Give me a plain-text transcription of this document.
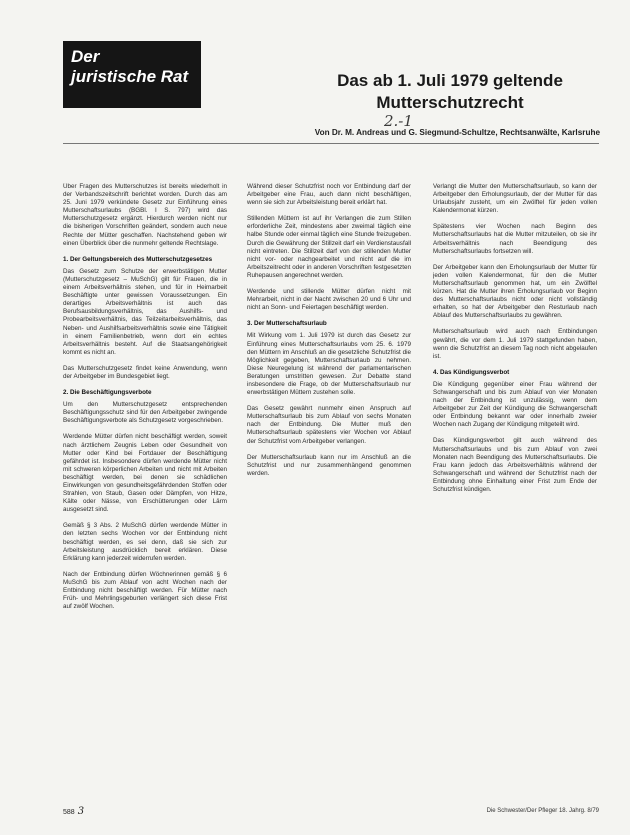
Der
juristische Rat	Das ab 1. Juli 1979 geltende
Mutterschutzrecht
2.-1
Von Dr. M. Andreas und G. Siegmund-Schultze, Rechtsanwälte, Karlsruhe

Über Fragen des Mutterschutzes ist bereits wiederholt in der Verbandszeitschrift berichtet worden. Durch das am 25. Juni 1979 verkündete Gesetz zur Einführung eines Mutterschaftsurlaubs (BGBl. I S. 797) wird das Mutterschutzgesetz ergänzt. Hierdurch werden nicht nur die bisherigen Vorschriften geändert, sondern auch neue Rechte der Mütter geschaffen. Nachstehend geben wir einen Überblick über die nunmehr geltende Rechtslage.

1. Der Geltungsbereich des Mutterschutzgesetzes

Das Gesetz zum Schutze der erwerbstätigen Mutter (Mutterschutzgesetz – MuSchG) gilt für Frauen, die in einem Arbeitsverhältnis stehen, und für in Heimarbeit Beschäftigte unter gewissen Voraussetzungen. Ein derartiges Arbeitsverhältnis ist auch das Berufsausbildungsverhältnis, das Aushilfs- und Probearbeitsverhältnis, das Teilzeitarbeitsverhältnis, das Neben- und Aushilfsarbeitsverhältnis sowie eine Tätigkeit in einem Familienbetrieb, wenn dort ein echtes Arbeitsverhältnis besteht. Auf die Staatsangehörigkeit kommt es nicht an.

Das Mutterschutzgesetz findet keine Anwendung, wenn der Arbeitgeber im Bundesgebiet liegt.

2. Die Beschäftigungsverbote

Um den Mutterschutzgesetz entsprechenden Beschäftigungsschutz sind für den Arbeitgeber zwingende Beschäftigungsverbote als Schutzgesetz vorgeschrieben.

Werdende Mütter dürfen nicht beschäftigt werden, soweit nach ärztlichem Zeugnis Leben oder Gesundheit von Mutter oder Kind bei Fortdauer der Beschäftigung gefährdet ist. Insbesondere dürfen werdende Mütter nicht mit schweren körperlichen Arbeiten und nicht mit Arbeiten beschäftigt werden, bei denen sie schädlichen Einwirkungen von gesundheitsgefährdenden Stoffen oder Strahlen, von Staub, Gasen oder Dämpfen, von Hitze, Kälte oder Nässe, von Erschütterungen oder Lärm ausgesetzt sind.

Gemäß § 3 Abs. 2 MuSchG dürfen werdende Mütter in den letzten sechs Wochen vor der Entbindung nicht beschäftigt werden, es sei denn, daß sie sich zur Arbeitsleistung ausdrücklich bereit erklären. Diese Erklärung kann jederzeit widerrufen werden.

Nach der Entbindung dürfen Wöchnerinnen gemäß § 6 MuSchG bis zum Ablauf von acht Wochen nach der Entbindung nicht beschäftigt werden. Für Mütter nach Früh- und Mehrlingsgeburten verlängert sich diese Frist auf zwölf Wochen.

Während dieser Schutzfrist noch vor Entbindung darf der Arbeitgeber eine Frau, auch dann nicht beschäftigen, wenn sie sich zur Arbeitsleistung bereit erklärt hat.

Stillenden Müttern ist auf ihr Verlangen die zum Stillen erforderliche Zeit, mindestens aber zweimal täglich eine halbe Stunde oder einmal täglich eine Stunde freizugeben. Durch die Gewährung der Stillzeit darf ein Verdienstausfall nicht eintreten. Die Stillzeit darf von der stillenden Mutter nicht vor- oder nachgearbeitet und nicht auf die im Arbeitszeitrecht oder in anderen Vorschriften festgesetzten Ruhepausen angerechnet werden.

Werdende und stillende Mütter dürfen nicht mit Mehrarbeit, nicht in der Nacht zwischen 20 und 6 Uhr und nicht an Sonn- und Feiertagen beschäftigt werden.

3. Der Mutterschaftsurlaub

Mit Wirkung vom 1. Juli 1979 ist durch das Gesetz zur Einführung eines Mutterschaftsurlaubs vom 25. 6. 1979 den Müttern im Anschluß an die gesetzliche Schutzfrist die Möglichkeit gegeben, Mutterschaftsurlaub zu nehmen. Diese Neuregelung ist während der parlamentarischen Beratungen umstritten gewesen. Zur Debatte stand insbesondere die Frage, ob der Mutterschaftsurlaub nur erwerbstätigen Müttern zustehen solle.

Das Gesetz gewährt nunmehr einen Anspruch auf Mutterschaftsurlaub bis zum Ablauf von sechs Monaten nach der Entbindung. Die Mutter muß den Mutterschaftsurlaub spätestens vier Wochen vor Ablauf der Schutzfrist vom Arbeitgeber verlangen.

Der Mutterschaftsurlaub kann nur im Anschluß an die Schutzfrist und nur zusammenhängend genommen werden.

Verlangt die Mutter den Mutterschaftsurlaub, so kann der Arbeitgeber den Erholungsurlaub, der der Mutter für das Urlaubsjahr zusteht, um ein Zwölftel für jeden vollen Kalendermonat kürzen.

Spätestens vier Wochen nach Beginn des Mutterschaftsurlaubs hat die Mutter mitzuteilen, ob sie ihr Arbeitsverhältnis nach Beendigung des Mutterschaftsurlaubs fortsetzen will.

Der Arbeitgeber kann den Erholungsurlaub der Mutter für jeden vollen Kalendermonat, für den die Mutter Mutterschaftsurlaub genommen hat, um ein Zwölftel kürzen. Hat die Mutter ihren Erholungsurlaub vor Beginn des Mutterschaftsurlaubs nicht oder nicht vollständig erhalten, so hat der Arbeitgeber den Resturlaub nach Ablauf des Mutterschaftsurlaubs zu gewähren.

Mutterschaftsurlaub wird auch nach Entbindungen gewährt, die vor dem 1. Juli 1979 stattgefunden haben, wenn die Schutzfrist an diesem Tag noch nicht abgelaufen ist.

4. Das Kündigungsverbot

Die Kündigung gegenüber einer Frau während der Schwangerschaft und bis zum Ablauf von vier Monaten nach der Entbindung ist unzulässig, wenn dem Arbeitgeber zur Zeit der Kündigung die Schwangerschaft oder Entbindung bekannt war oder innerhalb zweier Wochen nach Zugang der Kündigung mitgeteilt wird.

Das Kündigungsverbot gilt auch während des Mutterschaftsurlaubs und bis zum Ablauf von zwei Monaten nach Beendigung des Mutterschaftsurlaubs. Die Frau kann jedoch das Arbeitsverhältnis während der Schwangerschaft und während der Schutzfrist nach der Entbindung ohne Einhaltung einer Frist zum Ende der Schutzfrist kündigen.

588 3	Die Schwester/Der Pfleger 18. Jahrg. 8/79
